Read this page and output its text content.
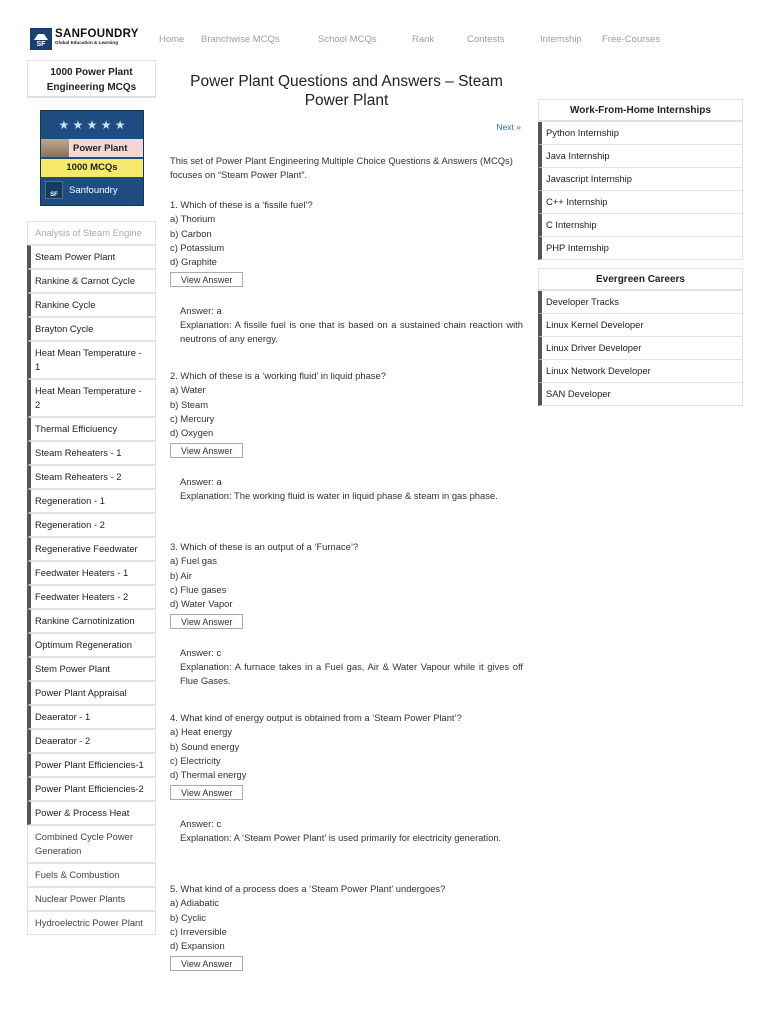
SF
SANFOUNDRY
Global Education & Learning	Home Branchwise MCQs	School MCQs	Rank	Contests	Internship Free-Courses
1000 Power Plant Engineering MCQs
★ ★ ★ ★ ★
Power Plant
1000 MCQs
SF	Sanfoundry
Analysis of Steam Engine
Steam Power Plant
Rankine & Carnot Cycle
Rankine Cycle
Brayton Cycle
Heat Mean Temperature - 1
Heat Mean Temperature - 2
Thermal Efficiuency
Steam Reheaters - 1
Steam Reheaters - 2
Regeneration - 1
Regeneration - 2
Regenerative Feedwater
Feedwater Heaters - 1
Feedwater Heaters - 2
Rankine Carnotinization
Optimum Regeneration
Stem Power Plant
Power Plant Appraisal
Deaerator - 1
Deaerator - 2
Power Plant Efficiencies-1
Power Plant Efficiencies-2
Power & Process Heat
Combined Cycle Power Generation
Fuels & Combustion
Nuclear Power Plants
Hydroelectric Power Plant
Power Plant Questions and Answers – Steam Power Plant
Next »
This set of Power Plant Engineering Multiple Choice Questions & Answers (MCQs) focuses on “Steam Power Plant”.
1. Which of these is a ‘fissile fuel’?
a) Thorium
b) Carbon
c) Potassium
d) Graphite
View Answer
Answer: a
Explanation: A fissile fuel is one that is based on a sustained chain reaction with neutrons of any energy.
2. Which of these is a ‘working fluid’ in liquid phase?
a) Water
b) Steam
c) Mercury
d) Oxygen
View Answer
Answer: a
Explanation: The working fluid is water in liquid phase & steam in gas phase.
3. Which of these is an output of a ‘Furnace’?
a) Fuel gas
b) Air
c) Flue gases
d) Water Vapor
View Answer
Answer: c
Explanation: A furnace takes in a Fuel gas, Air & Water Vapour while it gives off Flue Gases.
4. What kind of energy output is obtained from a ‘Steam Power Plant’?
a) Heat energy
b) Sound energy
c) Electricity
d) Thermal energy
View Answer
Answer: c
Explanation: A ‘Steam Power Plant’ is used primarily for electricity generation.
5. What kind of a process does a ‘Steam Power Plant’ undergoes?
a) Adiabatic
b) Cyclic
c) Irreversible
d) Expansion
View Answer
Work-From-Home Internships
Python Internship
Java Internship
Javascript Internship
C++ Internship
C Internship
PHP Internship
Evergreen Careers
Developer Tracks
Linux Kernel Developer
Linux Driver Developer
Linux Network Developer
SAN Developer
